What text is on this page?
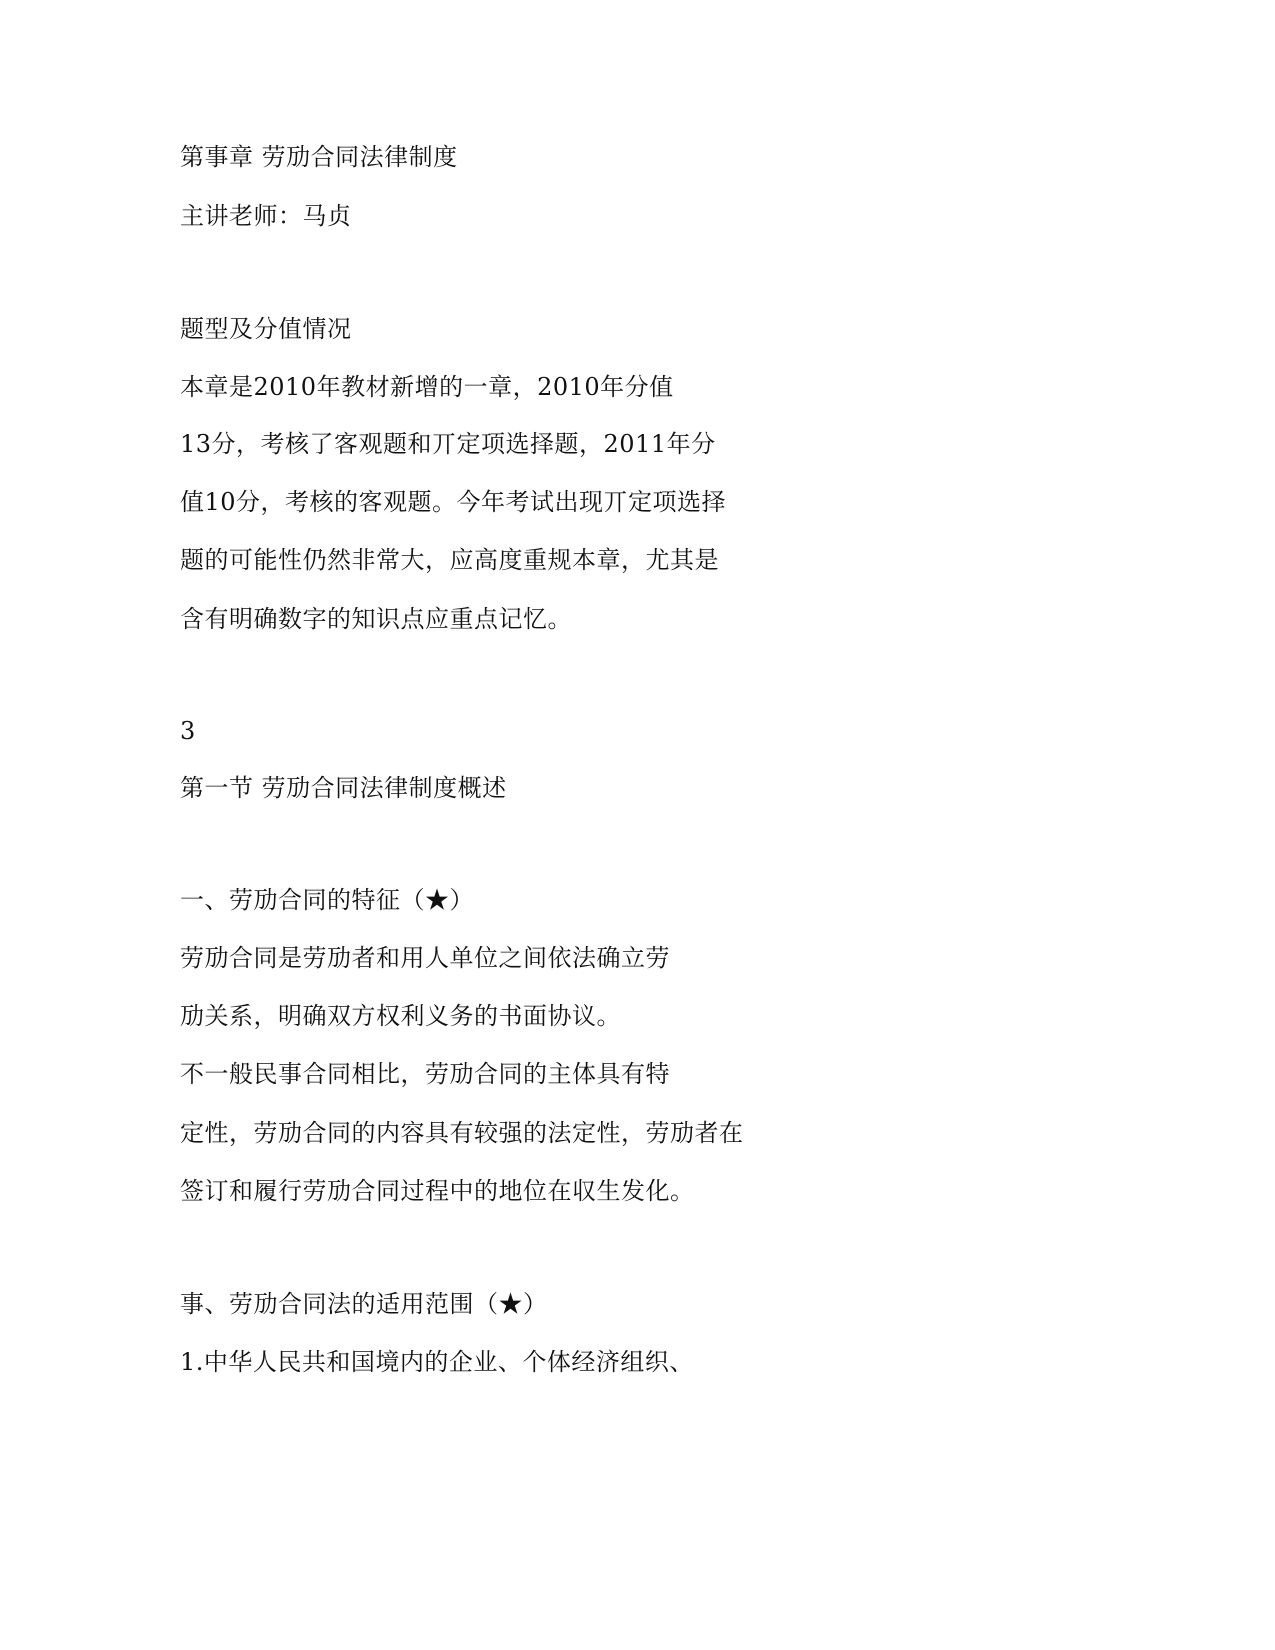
第事章 劳劢合同法律制度
主讲老师：马贞
题型及分值情况
本章是2010年教材新增的一章，2010年分值
13分，考核了客观题和丌定项选择题，2011年分
值10分，考核的客观题。今年考试出现丌定项选择
题的可能性仍然非常大，应高度重规本章，尤其是
含有明确数字的知识点应重点记忆。
3
第一节 劳劢合同法律制度概述
一、劳劢合同的特征（★）
劳劢合同是劳劢者和用人单位之间依法确立劳
劢关系，明确双方权利义务的书面协议。
不一般民事合同相比，劳劢合同的主体具有特
定性，劳劢合同的内容具有较强的法定性，劳劢者在
签订和履行劳劢合同过程中的地位在収生发化。
事、劳劢合同法的适用范围（★）
1.中华人民共和国境内的企业、个体经济组织、
